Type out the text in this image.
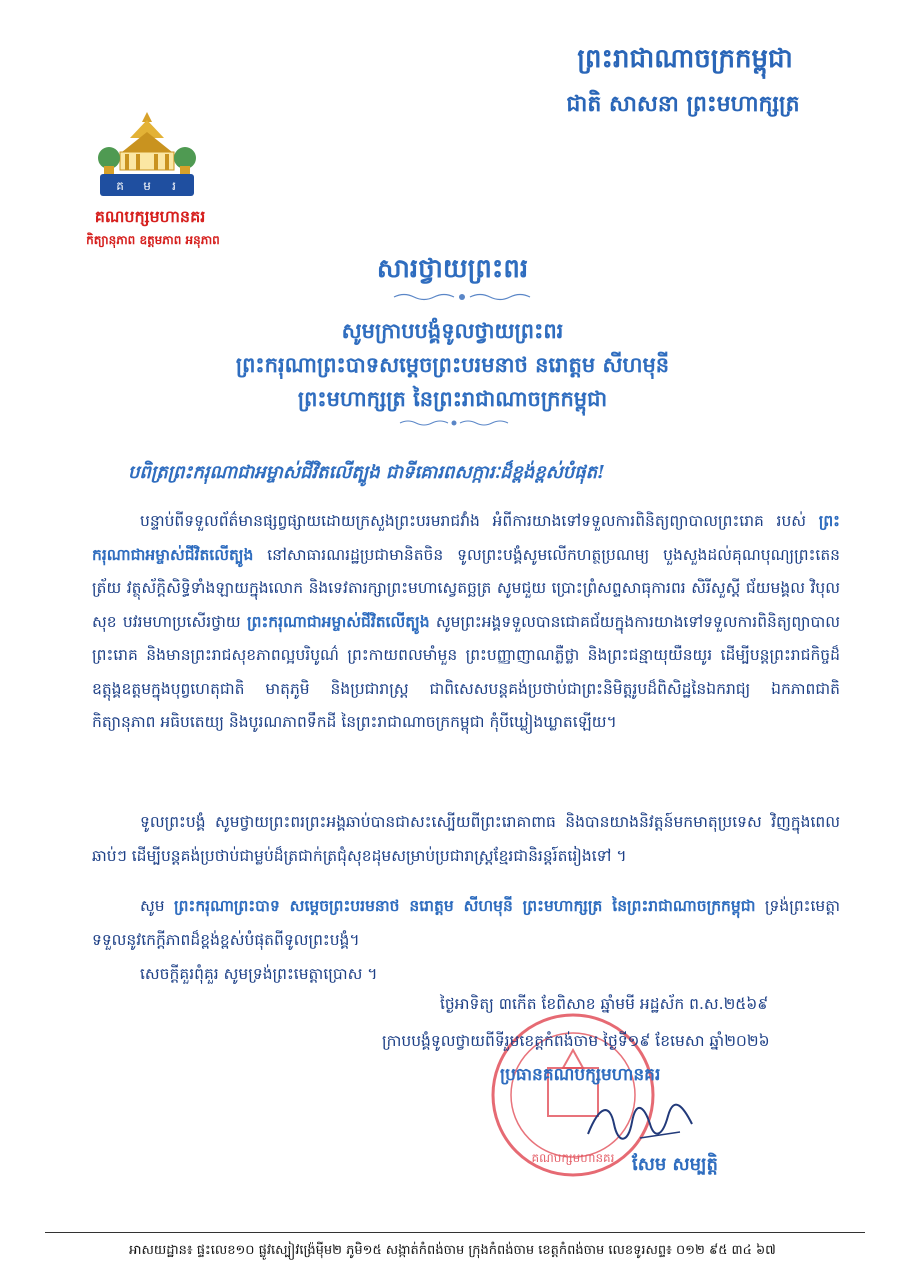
ព្រះរាជាណាចក្រកម្ពុជា
ជាតិ សាសនា ព្រះមហាក្សត្រ
គ ម រ
គណបក្សមហានគរ
កិត្យានុភាព ឧត្តមភាព អនុភាព
សារថ្វាយព្រះពរ
សូមក្រាបបង្គំទូលថ្វាយព្រះពរ
ព្រះករុណាព្រះបាទសម្តេចព្រះបរមនាថ នរោត្តម សីហមុនី
ព្រះមហាក្សត្រ នៃព្រះរាជាណាចក្រកម្ពុជា
បពិត្រព្រះករុណាជាអម្ចាស់ជីវិតលើត្បូង ជាទីគោរពសក្ការៈដ៏ខ្ពង់ខ្ពស់បំផុត!
បន្ទាប់ពីទទួលព័ត៌មានផ្សព្វផ្សាយដោយក្រសួងព្រះបរមរាជវាំង អំពីការយាងទៅទទួលការពិនិត្យព្យាបាលព្រះរោគ របស់ ព្រះករុណាជាអម្ចាស់ជីវិតលើត្បូង នៅសាធារណរដ្ឋប្រជាមានិតចិន ទូលព្រះបង្គំសូមលើកហត្ថប្រណម្យ បួងសួងដល់គុណបុណ្យព្រះតេនត្រ័យ វត្ថុស័ក្តិសិទ្ធិទាំងឡាយក្នុងលោក និងទេវតារក្សាព្រះមហាស្វេតច្ឆត្រ សូមជួយ ប្រោះព្រំសព្ទសាធុការពរ សិរីសួស្តី ជ័យមង្គល វិបុលសុខ បវរមហាប្រសើរថ្វាយ ព្រះករុណាជាអម្ចាស់ជីវិតលើត្បូង សូមព្រះអង្គទទួលបានជោគជ័យក្នុងការយាងទៅទទួលការពិនិត្យព្យាបាលព្រះរោគ និងមានព្រះរាជសុខភាពល្អបរិបូណ៌ ព្រះកាយពលមាំមួន ព្រះបញ្ញាញាណភ្លឺថ្លា និងព្រះជន្មាយុយឺនយូរ ដើម្បីបន្តព្រះរាជកិច្ចដ៏ឧត្តុង្គឧត្តមក្នុងបុព្វហេតុជាតិ មាតុភូមិ និងប្រជារាស្ត្រ ជាពិសេសបន្តគង់ប្រថាប់ជាព្រះនិមិត្តរូបដ៏ពិសិដ្ឋនៃឯករាជ្យ ឯកភាពជាតិ កិត្យានុភាព អធិបតេយ្យ និងបូរណភាពទឹកដី នៃព្រះរាជាណាចក្រកម្ពុជា កុំបីឃ្លៀងឃ្លាតឡើយ។
ទូលព្រះបង្គំ សូមថ្វាយព្រះពរព្រះអង្គឆាប់បានជាសះស្បើយពីព្រះរោគាពាធ និងបានយាងនិវត្តន៍មកមាតុប្រទេស វិញក្នុងពេលឆាប់ៗ ដើម្បីបន្តគង់ប្រថាប់ជាម្លប់ដ៏ត្រជាក់ត្រជុំសុខដុមសម្រាប់ប្រជារាស្ត្រខ្មែរជានិរន្តរ៍តរៀងទៅ ។
សូម ព្រះករុណាព្រះបាទ សម្តេចព្រះបរមនាថ នរោត្តម សីហមុនី ព្រះមហាក្សត្រ នៃព្រះរាជាណាចក្រកម្ពុជា ទ្រង់ព្រះមេត្តាទទួលនូវកេក្តីភាពដ៏ខ្ពង់ខ្ពស់បំផុតពីទូលព្រះបង្គំ។
សេចក្តីគួរពុំគួរ សូមទ្រង់ព្រះមេត្តាប្រោស ។
គណបក្សមហានគរ
ថ្ងៃអាទិត្យ ៣កើត ខែពិសាខ ឆ្នាំមមី អដ្ឋស័ក ព.ស.២៥៦៩
ក្រាបបង្គំទូលថ្វាយពីទីរួមខេត្តកំពង់ចាម ថ្ងៃទី១៩ ខែមេសា ឆ្នាំ២០២៦
ប្រធានគណបក្សមហានគរ
សែម សម្បត្តិ
អាសយដ្ឋាន៖ ផ្ទះលេខ១០ ផ្លូវស្បៀវង្រ៉េម៉ីម២ ភូមិ១៥ សង្កាត់កំពង់ចាម ក្រុងកំពង់ចាម ខេត្តកំពង់ចាម លេខទូរសព្ទ៖ ០១២ ៩៥ ៣៤ ៦៧
